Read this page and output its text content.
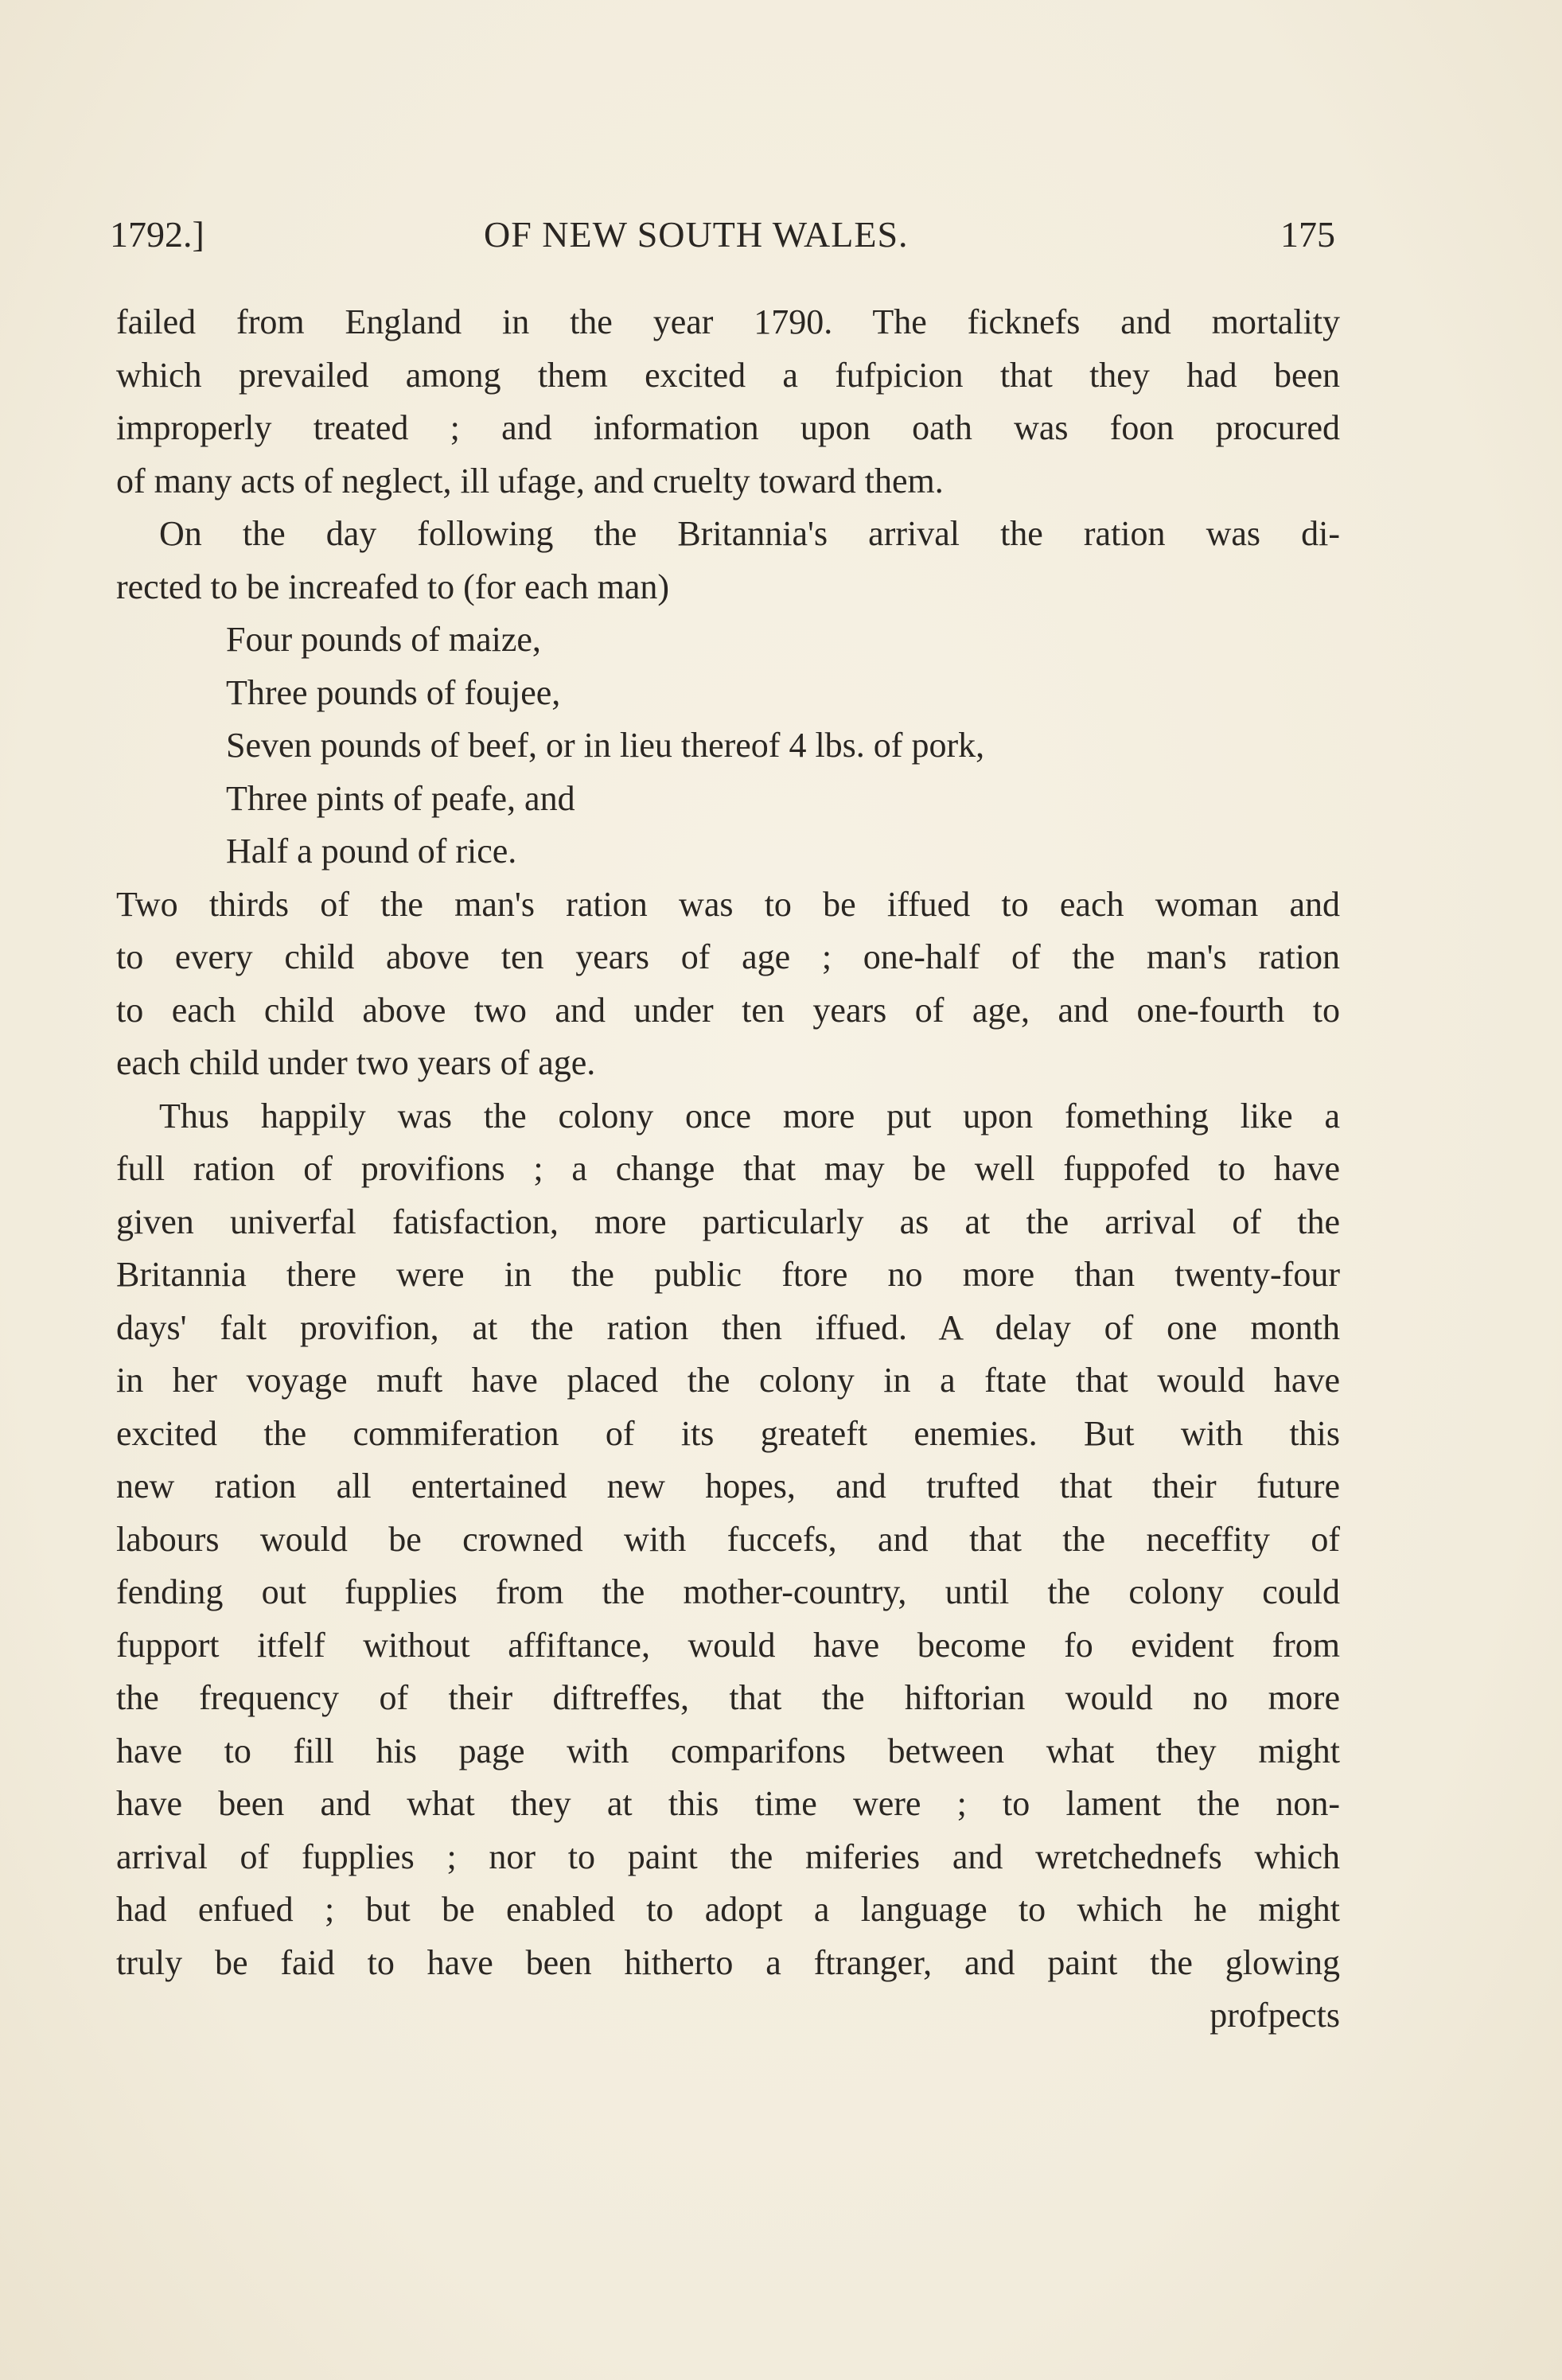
1792.]	OF NEW SOUTH WALES.	175
failed from England in the year 1790. The ficknefs and mortality
which prevailed among them excited a fufpicion that they had been
improperly treated ; and information upon oath was foon procured
of many acts of neglect, ill ufage, and cruelty toward them.
On the day following the Britannia's arrival the ration was di-
rected to be increafed to (for each man)
Four pounds of maize,
Three pounds of foujee,
Seven pounds of beef, or in lieu thereof 4 lbs. of pork,
Three pints of peafe, and
Half a pound of rice.
Two thirds of the man's ration was to be iffued to each woman and
to every child above ten years of age ; one-half of the man's ration
to each child above two and under ten years of age, and one-fourth to
each child under two years of age.
Thus happily was the colony once more put upon fomething like a
full ration of provifions ; a change that may be well fuppofed to have
given univerfal fatisfaction, more particularly as at the arrival of the
Britannia there were in the public ftore no more than twenty-four
days' falt provifion, at the ration then iffued. A delay of one month
in her voyage muft have placed the colony in a ftate that would have
excited the commiferation of its greateft enemies. But with this
new ration all entertained new hopes, and trufted that their future
labours would be crowned with fuccefs, and that the neceffity of
fending out fupplies from the mother-country, until the colony could
fupport itfelf without affiftance, would have become fo evident from
the frequency of their diftreffes, that the hiftorian would no more
have to fill his page with comparifons between what they might
have been and what they at this time were ; to lament the non-
arrival of fupplies ; nor to paint the miferies and wretchednefs which
had enfued ; but be enabled to adopt a language to which he might
truly be faid to have been hitherto a ftranger, and paint the glowing
profpects
